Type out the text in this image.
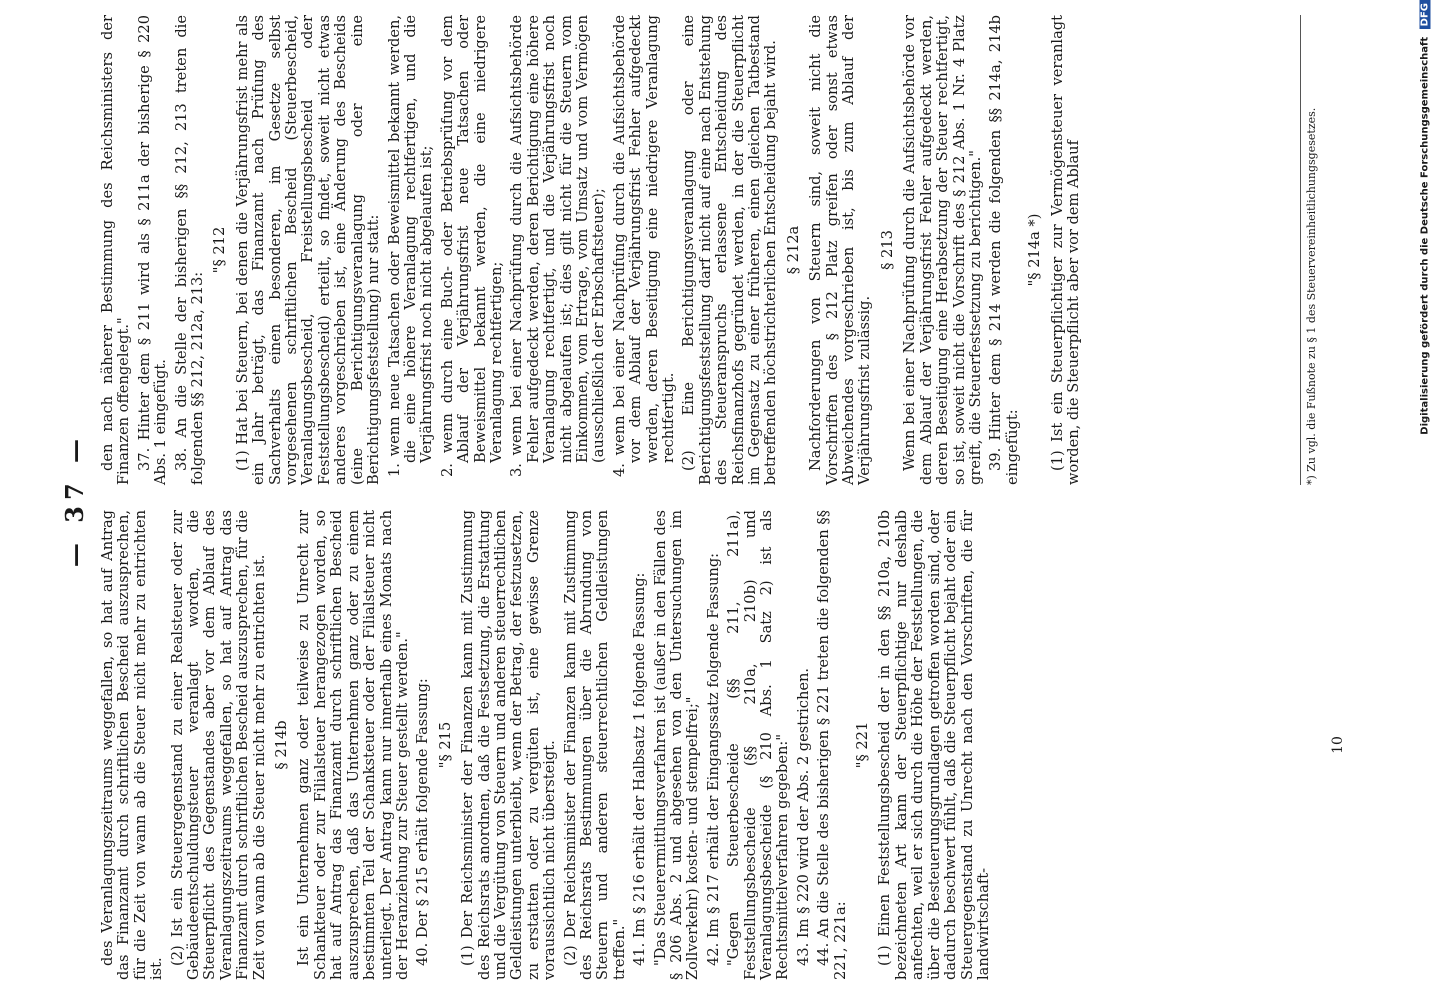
den nach näherer Bestimmung des Reichsministers der Finanzen offengelegt." 37. Hinter dem § 211 wird als § 211a der bisherige § 220 Abs. 1 eingefügt. 38. An die Stelle der bisherigen §§ 212, 213 treten die folgenden §§ 212, 212a, 213:

"§ 212 (1) Hat bei Steuern, bei denen die Verjährungsfrist mehr als ein Jahr beträgt, das Finanzamt nach Prüfung des Sachverhalts einen besonderen, im Gesetze selbst vorgesehenen schriftlichen Bescheid (Steuerbescheid, Veranlagungsbescheid, Freistellungsbescheid oder Feststellungsbescheid) erteilt, so findet, soweit nicht etwas anderes vorgeschrieben ist, eine Änderung des Bescheids (eine Berichtigungsveranlagung oder eine Berichtigungsfeststellung) nur statt: 1. wenn neue Tatsachen oder Beweismittel bekannt werden, die eine höhere Veranlagung rechtfertigen, und die Verjährungsfrist noch nicht abgelaufen ist; 2. wenn durch eine Buch- oder Betriebsprüfung vor dem Ablauf der Verjährungsfrist neue Tatsachen oder Beweismittel bekannt werden, die eine niedrigere Veranlagung rechtfertigen; 3. wenn bei einer Nachprüfung durch die Aufsichtsbehörde Fehler aufgedeckt werden, deren Berichtigung eine höhere Veranlagung rechtfertigt, und die Verjährungsfrist noch nicht abgelaufen ist; dies gilt nicht für die Steuern vom Einkommen, vom Ertrage, vom Umsatz und vom Vermögen (ausschließlich der Erbschaftsteuer); 4. wenn bei einer Nachprüfung durch die Aufsichtsbehörde vor dem Ablauf der Verjährungsfrist Fehler aufgedeckt werden, deren Beseitigung eine niedrigere Veranlagung rechtfertigt. (2) Eine Berichtigungsveranlagung oder eine Berichtigungsfeststellung darf nicht auf eine nach Entstehung des Steueranspruchs erlassene Entscheidung des Reichsfinanzhofs gegründet werden, in der die Steuerpflicht im Gegensatz zu einer früheren, einen gleichen Tatbestand betreffenden höchstrichterlichen Entscheidung bejaht wird. § 212a Nachforderungen von Steuern sind, soweit nicht die Vorschriften des § 212 Platz greifen oder sonst etwas Abweichendes vorgeschrieben ist, bis zum Ablauf der Verjährungsfrist zulässig.

§ 213 Wenn bei einer Nachprüfung durch die Aufsichtsbehörde vor dem Ablauf der Verjährungsfrist Fehler aufgedeckt werden, deren Beseitigung eine Herabsetzung der Steuer rechtfertigt, so ist, soweit nicht die Vorschrift des § 212 Abs. 1 Nr. 4 Platz greift, die Steuerfestsetzung zu berichtigen." 39. Hinter dem § 214 werden die folgenden §§ 214a, 214b eingefügt:

"§ 214a *) (1) Ist ein Steuerpflichtiger zur Vermögensteuer veranlagt worden, die Steuerpflicht aber vor dem Ablauf

des Veranlagungszeitraums weggefallen, so hat auf Antrag das Finanzamt durch schriftlichen Bescheid auszusprechen, für die Zeit von wann ab die Steuer nicht mehr zu entrichten ist.

(2) Ist ein Steuergegenstand zu einer Realsteuer oder zur Gebäudeentschuldungsteuer veranlagt worden, die Steuerpflicht des Gegenstandes aber vor dem Ablauf des Veranlagungszeitraums weggefallen, so hat auf Antrag das Finanzamt durch schriftlichen Bescheid auszusprechen, für die Zeit von wann ab die Steuer nicht mehr zu entrichten ist. § 214b Ist ein Unternehmen ganz oder teilweise zu Unrecht zur Schankteuer oder zur Filialsteuer herangezogen worden, so hat auf Antrag das Finanzamt durch schriftlichen Bescheid auszusprechen, daß das Unternehmen ganz oder zu einem bestimmten Teil der Schanksteuer oder der Filialsteuer nicht unterliegt. Der Antrag kann nur innerhalb eines Monats nach der Heranziehung zur Steuer gestellt werden." 40. Der § 215 erhält folgende Fassung: "§ 215 (1) Der Reichsminister der Finanzen kann mit Zustimmung des Reichsrats anordnen, daß die Festsetzung, die Erstattung und die Vergütung von Steuern und anderen steuerrechtlichen Geldleistungen unterbleibt, wenn der Betrag, der festzusetzen, zu erstatten oder zu vergüten ist, eine gewisse Grenze voraussichtlich nicht übersteigt. (2) Der Reichsminister der Finanzen kann mit Zustimmung des Reichsrats Bestimmungen über die Abrundung von Steuern und anderen steuerrechtlichen Geldleistungen treffen." 41. Im § 216 erhält der Halbsatz 1 folgende Fassung: "Das Steuerermittlungsverfahren ist (außer in den Fällen des § 206 Abs. 2 und abgesehen von den Untersuchungen im Zollverkehr) kosten- und stempelfrei;" 42. Im § 217 erhält der Eingangssatz folgende Fassung: "Gegen Steuerbescheide (§§ 211, 211a), Feststellungsbescheide (§§ 210a, 210b) und Veranlagungsbescheide (§ 210 Abs. 1 Satz 2) ist als Rechtsmittelverfahren gegeben:" 43. Im § 220 wird der Abs. 2 gestrichen. 44. An die Stelle des bisherigen § 221 treten die folgenden §§ 221, 221a:

"§ 221 (1) Einen Feststellungsbescheid der in den §§ 210a, 210b bezeichneten Art kann der Steuerpflichtige nur deshalb anfechten, weil er sich durch die Höhe der Feststellungen, die über die Besteuerungsgrundlagen getroffen worden sind, oder dadurch beschwert fühlt, daß die Steuerpflicht bejaht oder ein Steuergegenstand zu Unrecht nach den Vorschriften, die für landwirtschaft-

*) Zu vgl. die Fußnote zu § 1 des Steuervereinheitlichungsgesetzes.
10
— 37 —
Digitalisierung gefördert durch die Deutsche Forschungsgemeinschaft DFG
